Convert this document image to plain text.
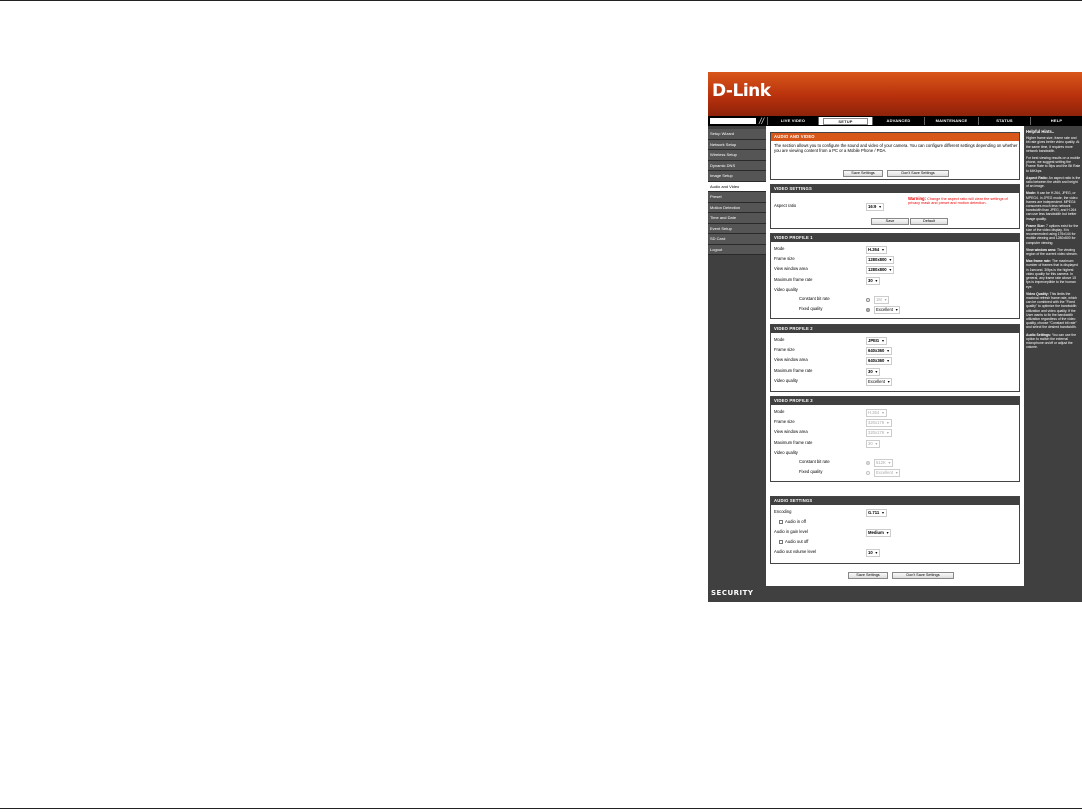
D-Link
//	LIVE VIDEO	SETUP	ADVANCED	MAINTENANCE	STATUS	HELP
Setup Wizard
Network Setup
Wireless Setup
Dynamic DNS
Image Setup
Audio and Video
Preset
Motion Detection
Time and Date
Event Setup
SD Card
Logout
AUDIO AND VIDEO
The section allows you to configure the sound and video of your camera. You can configure different settings depending on whether you are viewing content from a PC or a Mobile Phone / PDA.
Save Settings	Don't Save Settings
VIDEO SETTINGS
Aspect ratio	16:9 ▼
Warning: Change the aspect ratio will clear the settings of privacy mask and preset and motion detection.
Save	Default
VIDEO PROFILE 1
Mode	H.264 ▼
Frame size	1280x800 ▼
View window area	1280x800 ▼
Maximum frame rate	30 ▼
Video quality
Constant bit rate	1M ▼
Fixed quality	Excellent ▼
VIDEO PROFILE 2
Mode	JPEG ▼
Frame size	640x360 ▼
View window area	640x360 ▼
Maximum frame rate	30 ▼
Video quality	Excellent ▼
VIDEO PROFILE 3
Mode	H.264 ▼
Frame size	320x176 ▼
View window area	320x176 ▼
Maximum frame rate	30 ▼
Video quality
Constant bit rate	512K ▼
Fixed quality	Excellent ▼
AUDIO SETTINGS
Encoding	G.711 ▼
Audio in off
Audio in gain level	Medium ▼
Audio out off
Audio out volume level	10 ▼
Save Settings	Don't Save Settings
Helpful Hints..

Higher frame size, frame rate and bit rate gives better video quality. At the same time, it requires more network bandwidth.

For best viewing results on a mobile phone, we suggest setting the Frame Rate to 5fps and the Bit Rate to 64Kbps.

Aspect Ratio: An aspect ratio is the ratio between the width and height of an image.

Mode: It can be H.264, JPEG, or MPEG4. In JPEG mode, the video frames are independent. MPEG4 consumes much less network bandwidth than JPEG, and H.264 can use less bandwidth but better image quality.

Frame Size: 7 options exist for the size of the video display. It is recommended using 176x144 for mobile viewing and 1280x800 for computer viewing.

View window area: The viewing region of the current video stream.

Max frame rate: The maximum number of frames that is displayed in 1second. 30fps is the highest video quality for this camera. In general, any frame rate above 15 fps is imperceptible to the human eye.

Video Quality: This limits the maximal refresh frame rate, which can be combined with the "Fixed quality" to optimize the bandwidth utilization and video quality. If the User wants to fix the bandwidth utilization regardless of the video quality, choose "Constant bit rate" and select the desired bandwidth.

Audio Settings: You can use the option to switch the external microphone on/off or adjust the volume.

SECURITY
